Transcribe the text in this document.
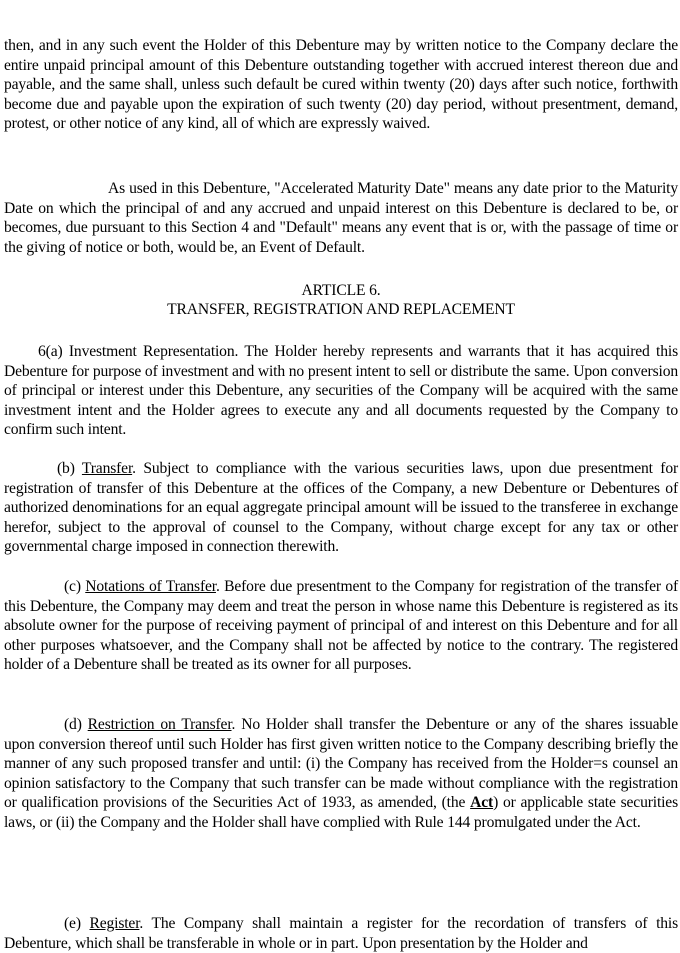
then, and in any such event the Holder of this Debenture may by written notice to the Company declare the entire unpaid principal amount of this Debenture outstanding together with accrued interest thereon due and payable, and the same shall, unless such default be cured within twenty (20) days after such notice, forthwith become due and payable upon the expiration of such twenty (20) day period, without presentment, demand, protest, or other notice of any kind, all of which are expressly waived.

As used in this Debenture, "Accelerated Maturity Date" means any date prior to the Maturity Date on which the principal of and any accrued and unpaid interest on this Debenture is declared to be, or becomes, due pursuant to this Section 4 and "Default" means any event that is or, with the passage of time or the giving of notice or both, would be, an Event of Default.

ARTICLE 6.
TRANSFER, REGISTRATION AND REPLACEMENT

6(a) Investment Representation. The Holder hereby represents and warrants that it has acquired this Debenture for purpose of investment and with no present intent to sell or distribute the same. Upon conversion of principal or interest under this Debenture, any securities of the Company will be acquired with the same investment intent and the Holder agrees to execute any and all documents requested by the Company to confirm such intent.

(b) Transfer. Subject to compliance with the various securities laws, upon due presentment for registration of transfer of this Debenture at the offices of the Company, a new Debenture or Debentures of authorized denominations for an equal aggregate principal amount will be issued to the transferee in exchange herefor, subject to the approval of counsel to the Company, without charge except for any tax or other governmental charge imposed in connection therewith.

(c) Notations of Transfer. Before due presentment to the Company for registration of the transfer of this Debenture, the Company may deem and treat the person in whose name this Debenture is registered as its absolute owner for the purpose of receiving payment of principal of and interest on this Debenture and for all other purposes whatsoever, and the Company shall not be affected by notice to the contrary. The registered holder of a Debenture shall be treated as its owner for all purposes.

(d) Restriction on Transfer. No Holder shall transfer the Debenture or any of the shares issuable upon conversion thereof until such Holder has first given written notice to the Company describing briefly the manner of any such proposed transfer and until: (i) the Company has received from the Holder=s counsel an opinion satisfactory to the Company that such transfer can be made without compliance with the registration or qualification provisions of the Securities Act of 1933, as amended, (the Act) or applicable state securities laws, or (ii) the Company and the Holder shall have complied with Rule 144 promulgated under the Act.

(e) Register. The Company shall maintain a register for the recordation of transfers of this Debenture, which shall be transferable in whole or in part. Upon presentation by the Holder and
